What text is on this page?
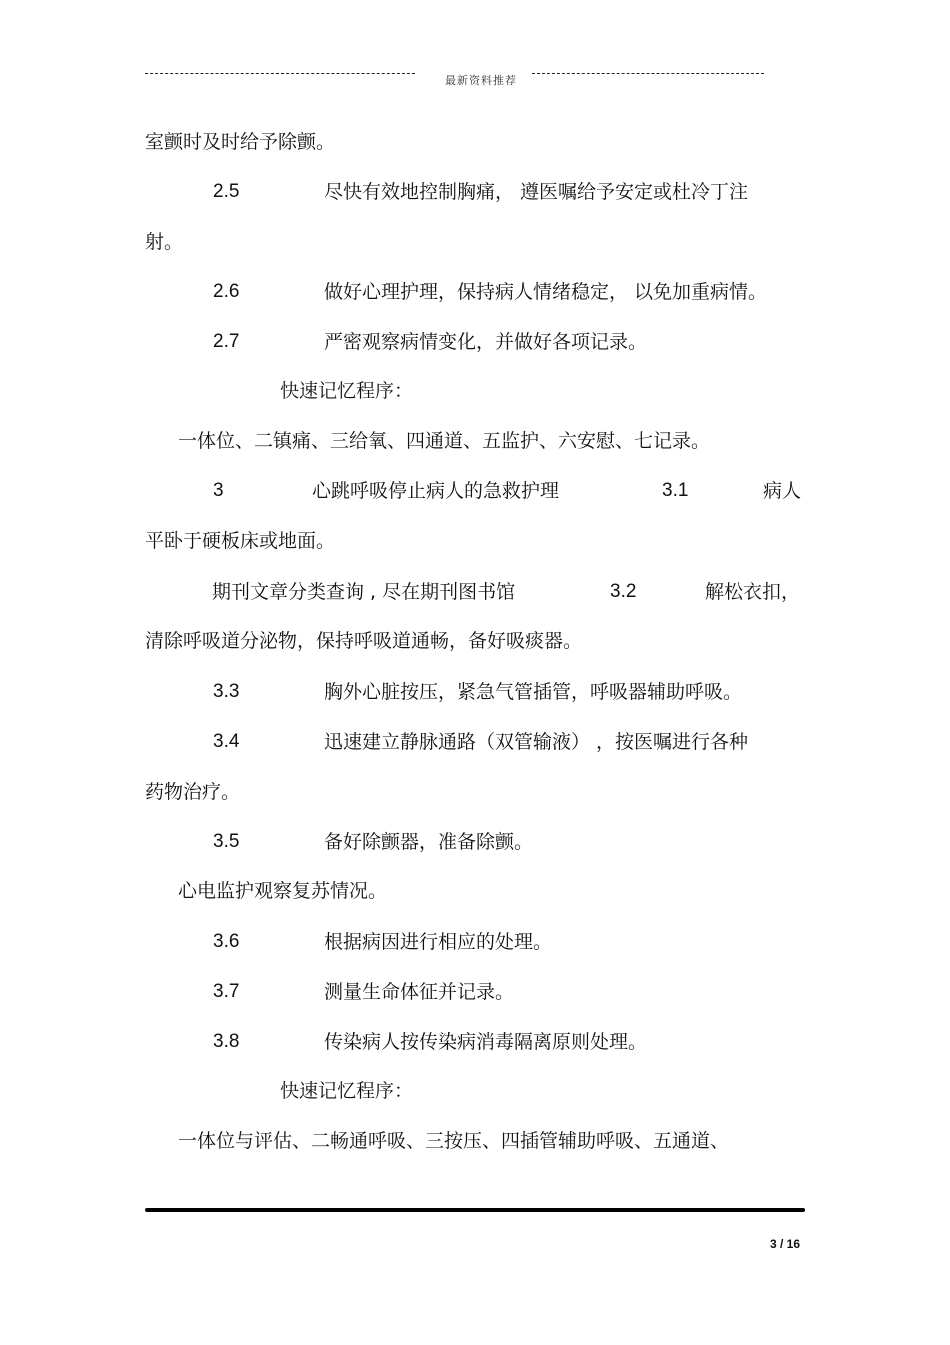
最新资料推荐
室颤时及时给予除颤。
2.5	尽快有效地控制胸痛， 遵医嘱给予安定或杜冷丁注
射。
2.6	做好心理护理，保持病人情绪稳定， 以免加重病情。
2.7	严密观察病情变化，并做好各项记录。
快速记忆程序：
一体位、二镇痛、三给氧、四通道、五监护、六安慰、七记录。
3	心跳呼吸停止病人的急救护理	3.1	病人
平卧于硬板床或地面。
期刊文章分类查询 , 尽在期刊图书馆	3.2	解松衣扣，
清除呼吸道分泌物，保持呼吸道通畅，备好吸痰器。
3.3	胸外心脏按压，紧急气管插管，呼吸器辅助呼吸。
3.4	迅速建立静脉通路（双管输液） ，按医嘱进行各种
药物治疗。
3.5	备好除颤器，准备除颤。
心电监护观察复苏情况。
3.6	根据病因进行相应的处理。
3.7	测量生命体征并记录。
3.8	传染病人按传染病消毒隔离原则处理。
快速记忆程序：
一体位与评估、二畅通呼吸、三按压、四插管辅助呼吸、五通道、
3 / 16
